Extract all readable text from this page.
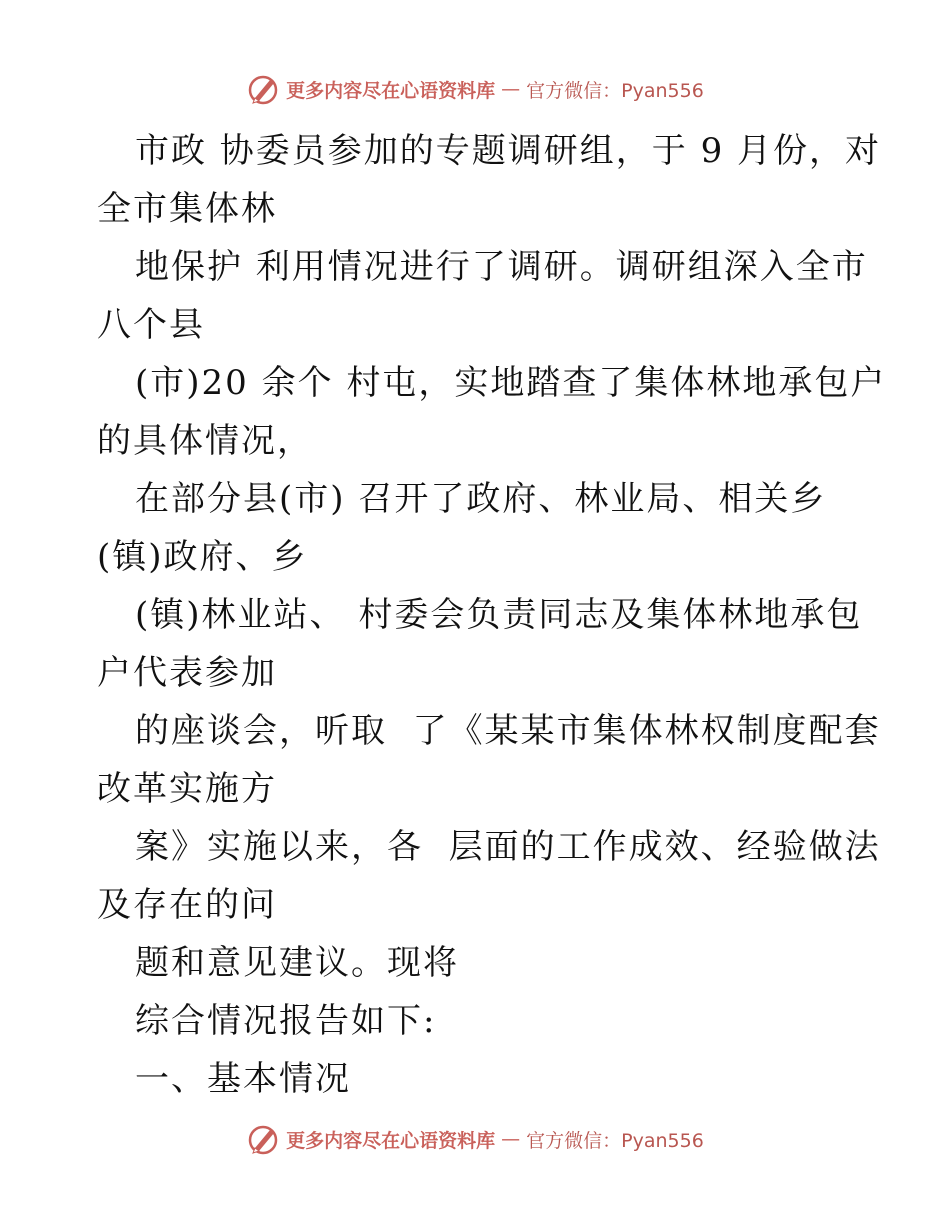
更多内容尽在心语资料库 — 官方微信：Pyan556
市政 协委员参加的专题调研组，于 9 月份，对
全市集体林
地保护 利用情况进行了调研。调研组深入全市
八个县
(市)20 余个 村屯，实地踏查了集体林地承包户
的具体情况，
在部分县(市) 召开了政府、林业局、相关乡
(镇)政府、乡
(镇)林业站、 村委会负责同志及集体林地承包
户代表参加
的座谈会，听取  了《某某市集体林权制度配套
改革实施方
案》实施以来，各  层面的工作成效、经验做法
及存在的问
题和意见建议。现将
综合情况报告如下:
一、基本情况
更多内容尽在心语资料库 — 官方微信：Pyan556
